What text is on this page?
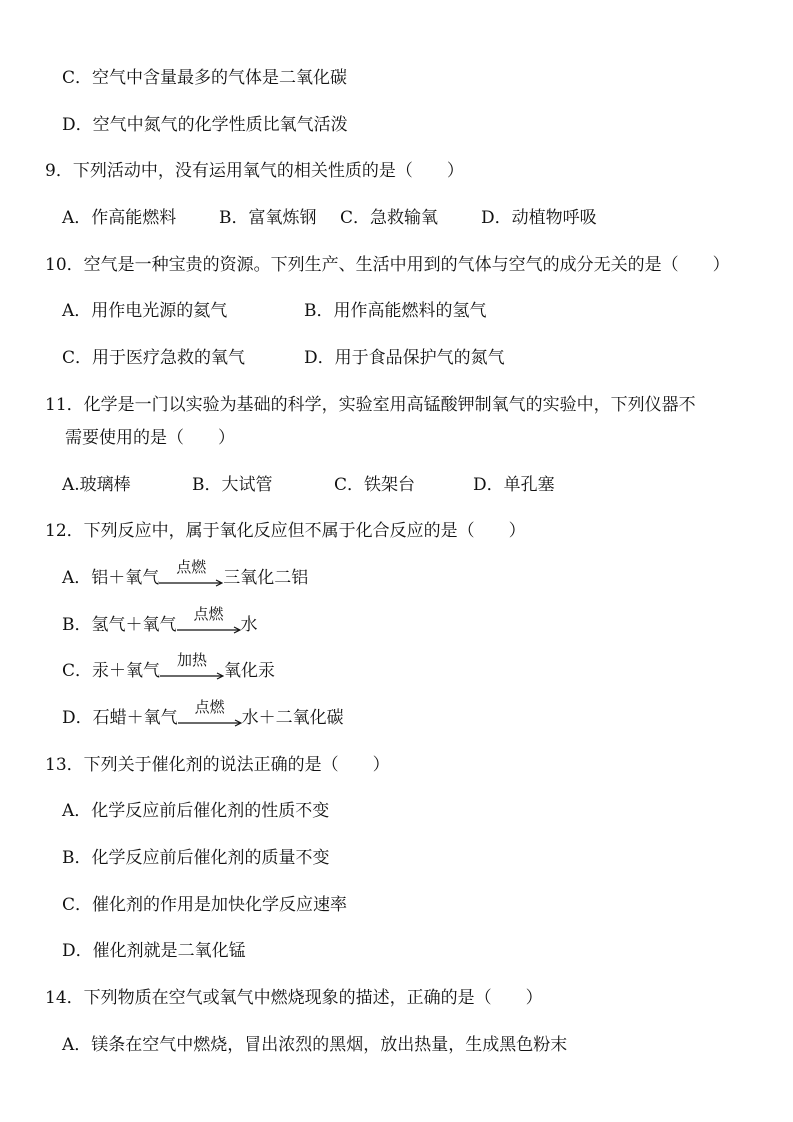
C．空气中含量最多的气体是二氧化碳
D．空气中氮气的化学性质比氧气活泼
9．下列活动中，没有运用氧气的相关性质的是（　　）
A．作高能燃料	B．富氧炼钢 C．急救输氧	D．动植物呼吸
10．空气是一种宝贵的资源。下列生产、生活中用到的气体与空气的成分无关的是（　　）
A．用作电光源的氦气	B．用作高能燃料的氢气
C．用于医疗急救的氧气	D．用于食品保护气的氮气
11．化学是一门以实验为基础的科学，实验室用高锰酸钾制氧气的实验中，下列仪器不
需要使用的是（　　）
A.玻璃棒	B．大试管	C．铁架台	D．单孔塞
12．下列反应中，属于氧化反应但不属于化合反应的是（　　）
A．铝＋氧气
点燃
三氧化二铝
B．氢气＋氧气
点燃
水
C．汞＋氧气
加热
氧化汞
D．石蜡＋氧气
点燃
水＋二氧化碳
13．下列关于催化剂的说法正确的是（　　）
A．化学反应前后催化剂的性质不变
B．化学反应前后催化剂的质量不变
C．催化剂的作用是加快化学反应速率
D．催化剂就是二氧化锰
14．下列物质在空气或氧气中燃烧现象的描述，正确的是（　　）
A．镁条在空气中燃烧，冒出浓烈的黑烟，放出热量，生成黑色粉末
